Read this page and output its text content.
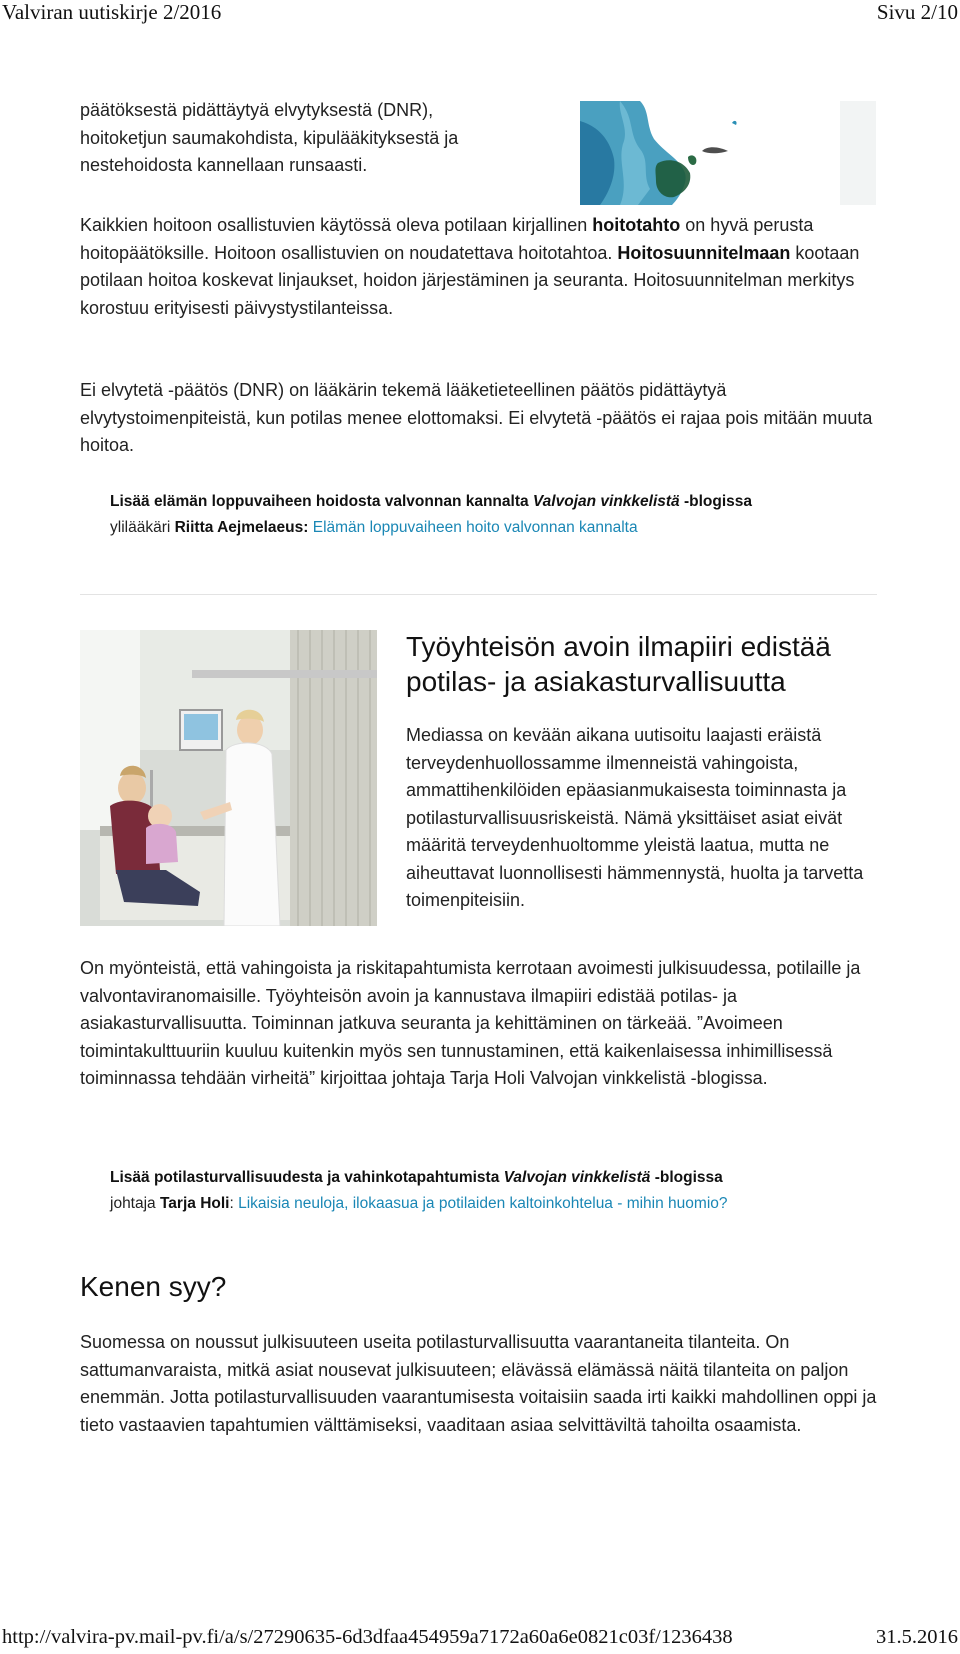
Valviran uutiskirje 2/2016	Sivu 2/10

päätöksestä pidättäytyä elvytyksestä (DNR), hoitoketjun saumakohdista, kipulääkityksestä ja nestehoidosta kannellaan runsaasti.

Kaikkien hoitoon osallistuvien käytössä oleva potilaan kirjallinen hoitotahto on hyvä perusta hoitopäätöksille. Hoitoon osallistuvien on noudatettava hoitotahtoa. Hoitosuunnitelmaan kootaan potilaan hoitoa koskevat linjaukset, hoidon järjestäminen ja seuranta. Hoitosuunnitelman merkitys korostuu erityisesti päivystystilanteissa.

Ei elvytetä -päätös (DNR) on lääkärin tekemä lääketieteellinen päätös pidättäytyä elvytystoimenpiteistä, kun potilas menee elottomaksi. Ei elvytetä -päätös ei rajaa pois mitään muuta hoitoa.

Lisää elämän loppuvaiheen hoidosta valvonnan kannalta Valvojan vinkkelistä -blogissa

ylilääkäri Riitta Aejmelaeus: Elämän loppuvaiheen hoito valvonnan kannalta

Työyhteisön avoin ilmapiiri edistää potilas- ja asiakasturvallisuutta

Mediassa on kevään aikana uutisoitu laajasti eräistä terveydenhuollossamme ilmenneistä vahingoista, ammattihenkilöiden epäasianmukaisesta toiminnasta ja potilasturvallisuusriskeistä. Nämä yksittäiset asiat eivät määritä terveydenhuoltomme yleistä laatua, mutta ne aiheuttavat luonnollisesti hämmennystä, huolta ja tarvetta toimenpiteisiin.

On myönteistä, että vahingoista ja riskitapahtumista kerrotaan avoimesti julkisuudessa, potilaille ja valvontaviranomaisille. Työyhteisön avoin ja kannustava ilmapiiri edistää potilas- ja asiakasturvallisuutta. Toiminnan jatkuva seuranta ja kehittäminen on tärkeää. ”Avoimeen toimintakulttuuriin kuuluu kuitenkin myös sen tunnustaminen, että kaikenlaisessa inhimillisessä toiminnassa tehdään virheitä” kirjoittaa johtaja Tarja Holi Valvojan vinkkelistä -blogissa.

Lisää potilasturvallisuudesta ja vahinkotapahtumista Valvojan vinkkelistä -blogissa

johtaja Tarja Holi: Likaisia neuloja, ilokaasua ja potilaiden kaltoinkohtelua - mihin huomio?

Kenen syy?

Suomessa on noussut julkisuuteen useita potilasturvallisuutta vaarantaneita tilanteita. On sattumanvaraista, mitkä asiat nousevat julkisuuteen; elävässä elämässä näitä tilanteita on paljon enemmän. Jotta potilasturvallisuuden vaarantumisesta voitaisiin saada irti kaikki mahdollinen oppi ja tieto vastaavien tapahtumien välttämiseksi, vaaditaan asiaa selvittäviltä tahoilta osaamista.

http://valvira-pv.mail-pv.fi/a/s/27290635-6d3dfaa454959a7172a60a6e0821c03f/1236438	31.5.2016
